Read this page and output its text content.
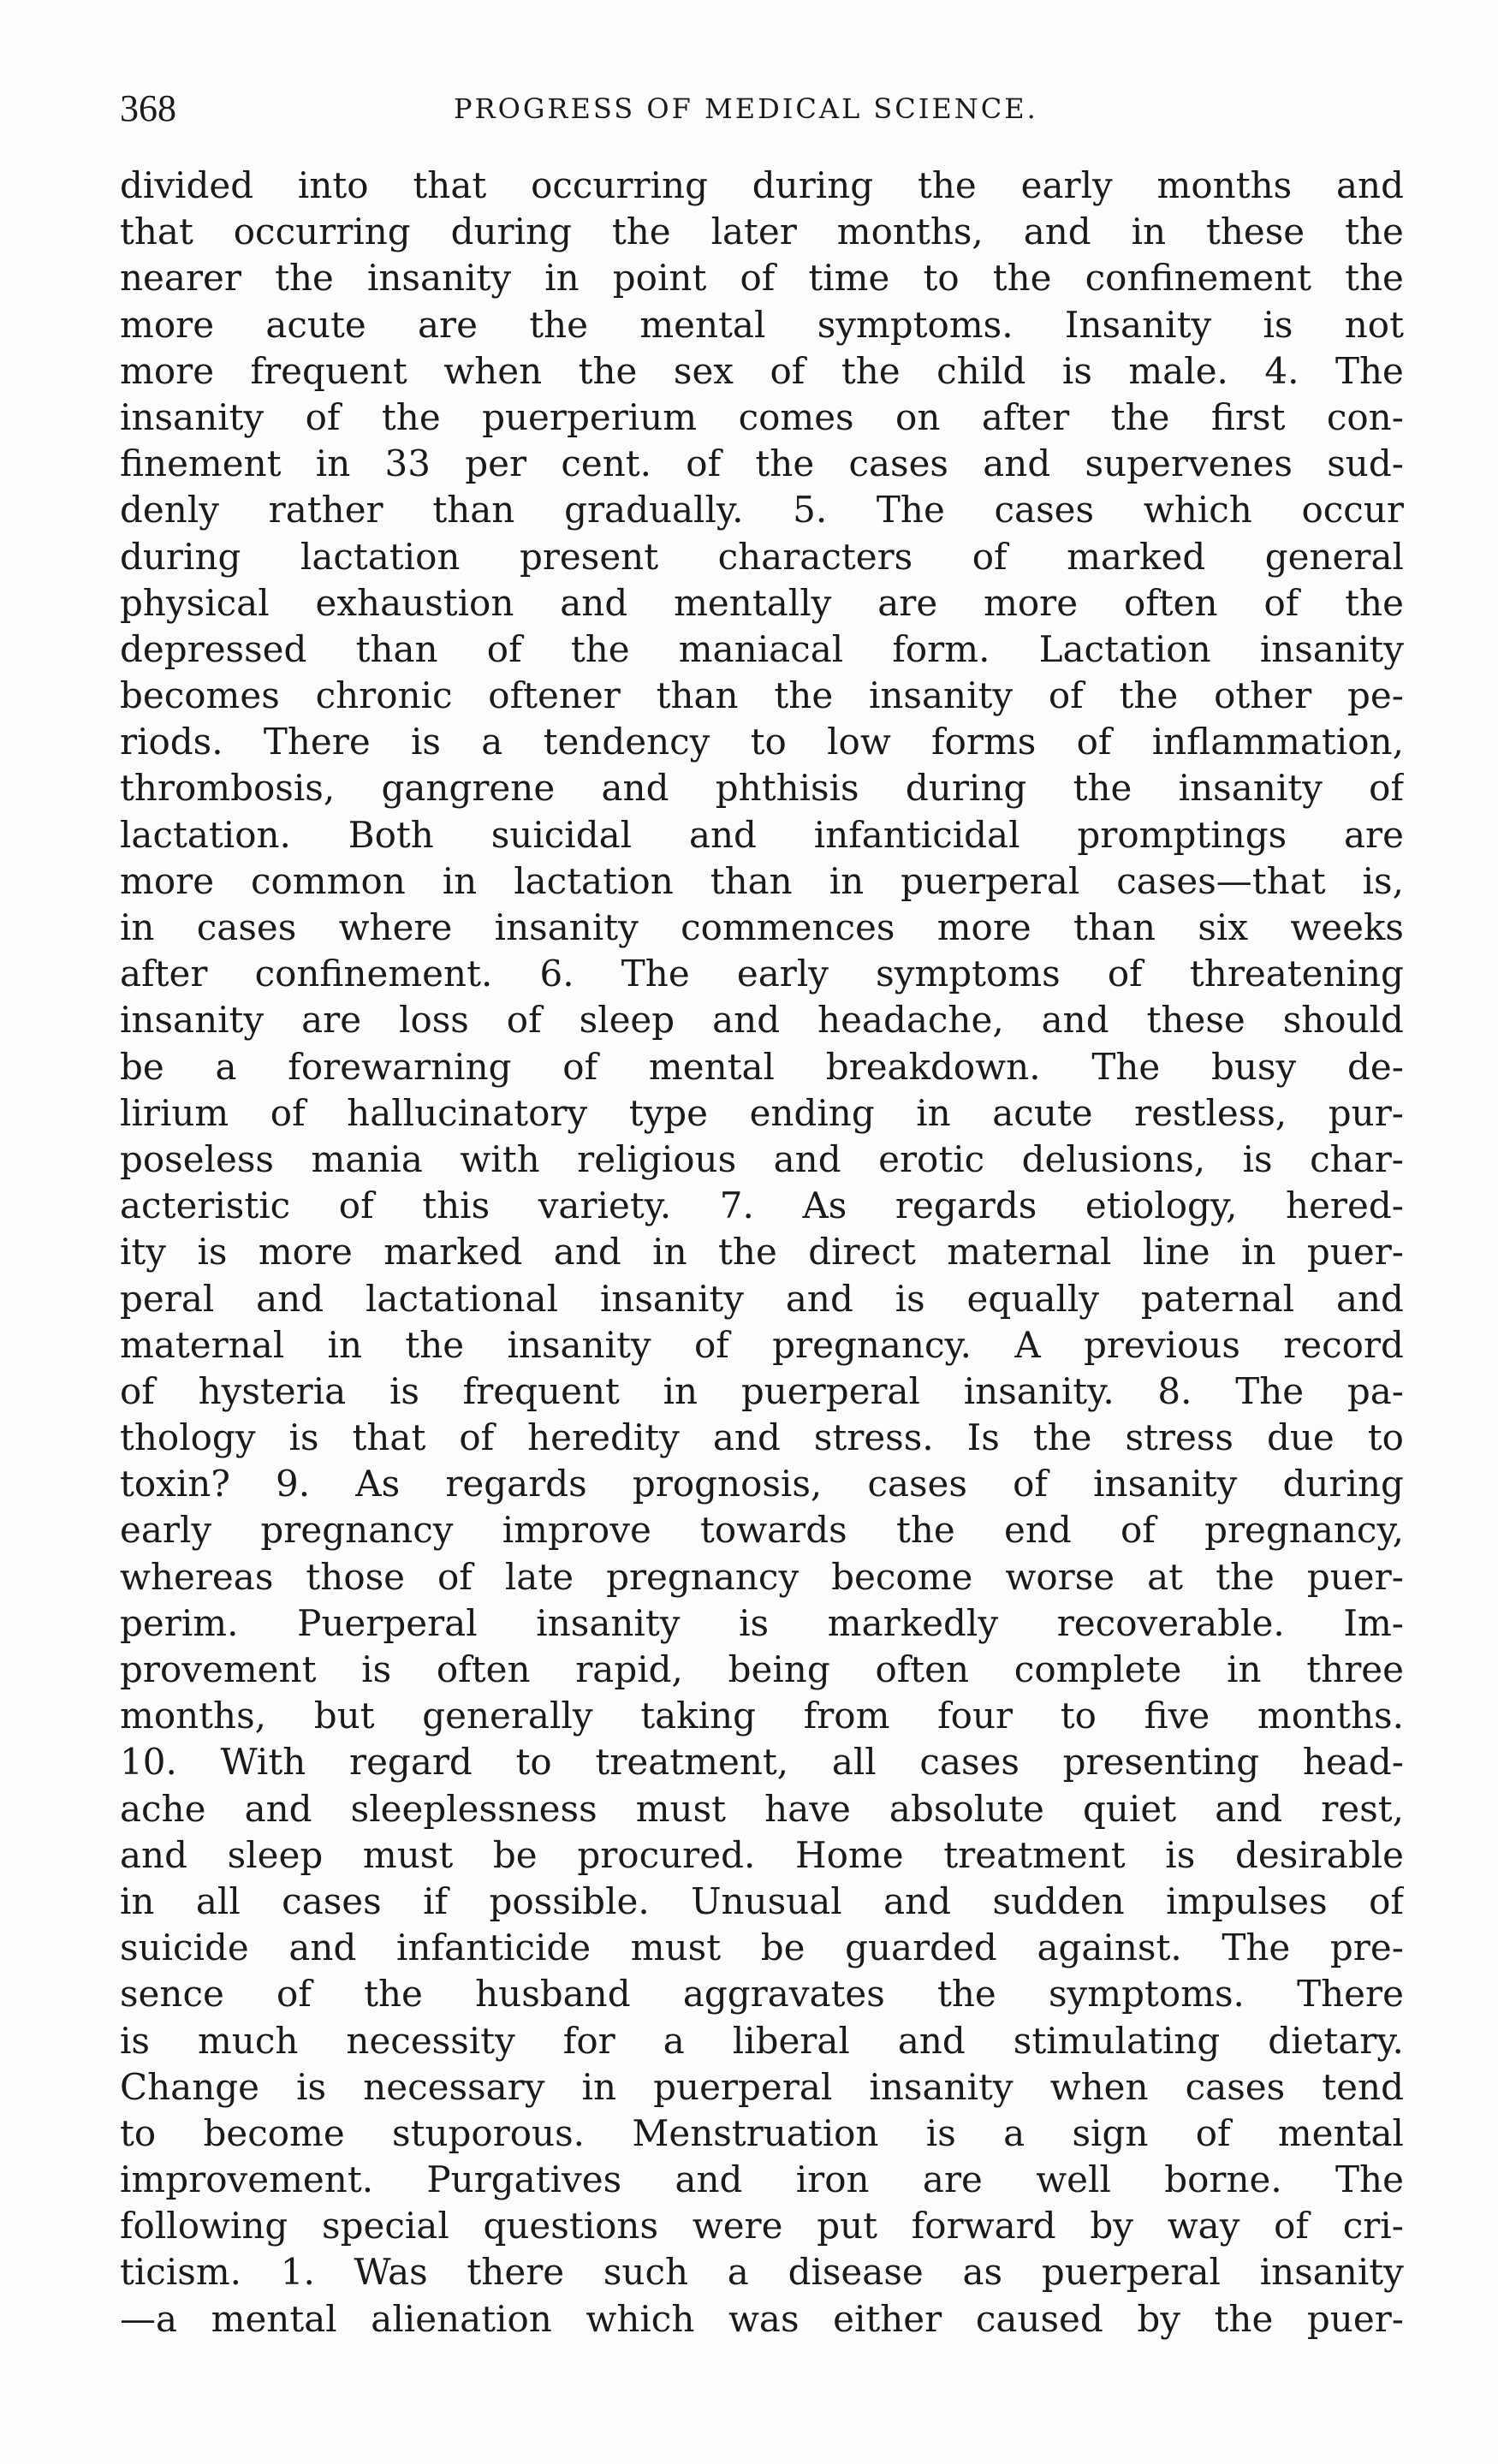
368	PROGRESS OF MEDICAL SCIENCE.
divided into that occurring during the early months and
that occurring during the later months, and in these the
nearer the insanity in point of time to the confinement the
more acute are the mental symptoms. Insanity is not
more frequent when the sex of the child is male. 4. The
insanity of the puerperium comes on after the first con-
finement in 33 per cent. of the cases and supervenes sud-
denly rather than gradually. 5. The cases which occur
during lactation present characters of marked general
physical exhaustion and mentally are more often of the
depressed than of the maniacal form. Lactation insanity
becomes chronic oftener than the insanity of the other pe-
riods. There is a tendency to low forms of inflammation,
thrombosis, gangrene and phthisis during the insanity of
lactation. Both suicidal and infanticidal promptings are
more common in lactation than in puerperal cases—that is,
in cases where insanity commences more than six weeks
after confinement. 6. The early symptoms of threatening
insanity are loss of sleep and headache, and these should
be a forewarning of mental breakdown. The busy de-
lirium of hallucinatory type ending in acute restless, pur-
poseless mania with religious and erotic delusions, is char-
acteristic of this variety. 7. As regards etiology, hered-
ity is more marked and in the direct maternal line in puer-
peral and lactational insanity and is equally paternal and
maternal in the insanity of pregnancy. A previous record
of hysteria is frequent in puerperal insanity. 8. The pa-
thology is that of heredity and stress. Is the stress due to
toxin? 9. As regards prognosis, cases of insanity during
early pregnancy improve towards the end of pregnancy,
whereas those of late pregnancy become worse at the puer-
perim. Puerperal insanity is markedly recoverable. Im-
provement is often rapid, being often complete in three
months, but generally taking from four to five months.
10. With regard to treatment, all cases presenting head-
ache and sleeplessness must have absolute quiet and rest,
and sleep must be procured. Home treatment is desirable
in all cases if possible. Unusual and sudden impulses of
suicide and infanticide must be guarded against. The pre-
sence of the husband aggravates the symptoms. There
is much necessity for a liberal and stimulating dietary.
Change is necessary in puerperal insanity when cases tend
to become stuporous. Menstruation is a sign of mental
improvement. Purgatives and iron are well borne. The
following special questions were put forward by way of cri-
ticism. 1. Was there such a disease as puerperal insanity
—a mental alienation which was either caused by the puer-
